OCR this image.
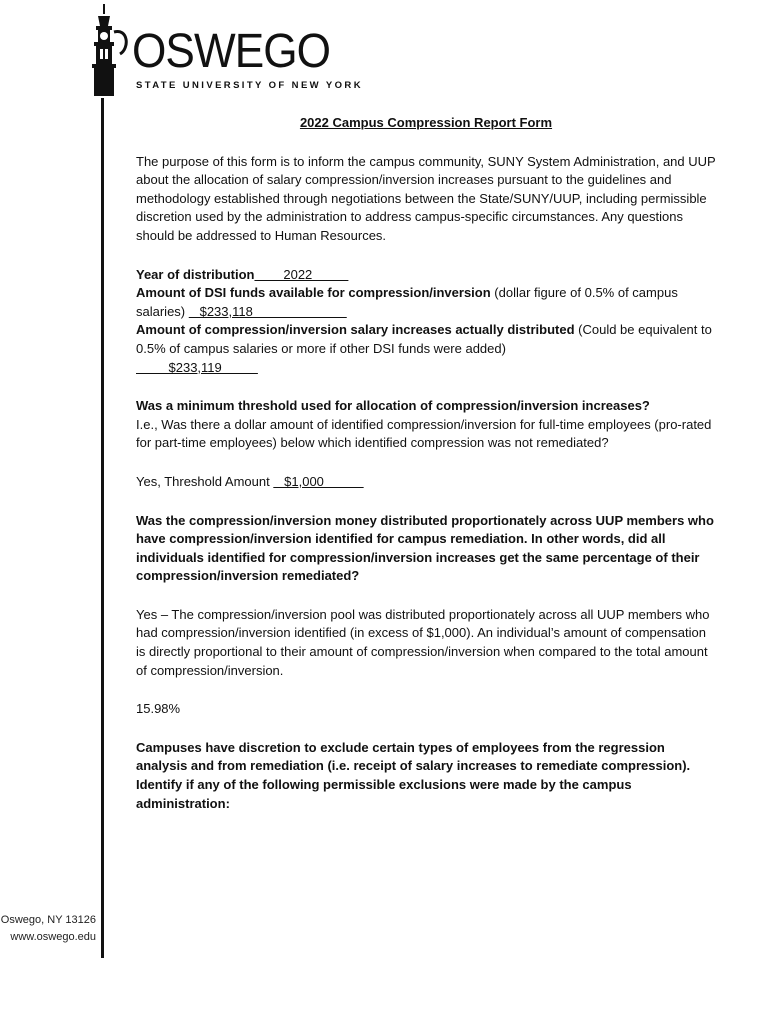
OSWEGO
STATE UNIVERSITY OF NEW YORK
Oswego, NY 13126
www.oswego.edu
2022 Campus Compression Report Form

The purpose of this form is to inform the campus community, SUNY System Administration, and UUP about the allocation of salary compression/inversion increases pursuant to the guidelines and methodology established through negotiations between the State/SUNY/UUP, including permissible discretion used by the administration to address campus-specific circumstances. Any questions should be addressed to Human Resources.

Year of distribution        2022
Amount of DSI funds available for compression/inversion (dollar figure of 0.5% of campus salaries)    $233,118
Amount of compression/inversion salary increases actually distributed (Could be equivalent to 0.5% of campus salaries or more if other DSI funds were added)
$233,119

Was a minimum threshold used for allocation of compression/inversion increases?
I.e., Was there a dollar amount of identified compression/inversion for full-time employees (pro-rated for part-time employees) below which identified compression was not remediated?

Yes, Threshold Amount    $1,000

Was the compression/inversion money distributed proportionately across UUP members who have compression/inversion identified for campus remediation. In other words, did all individuals identified for compression/inversion increases get the same percentage of their compression/inversion remediated?

Yes – The compression/inversion pool was distributed proportionately across all UUP members who had compression/inversion identified (in excess of $1,000). An individual’s amount of compensation is directly proportional to their amount of compression/inversion when compared to the total amount of compression/inversion.

15.98%

Campuses have discretion to exclude certain types of employees from the regression analysis and from remediation (i.e. receipt of salary increases to remediate compression). Identify if any of the following permissible exclusions were made by the campus administration:
